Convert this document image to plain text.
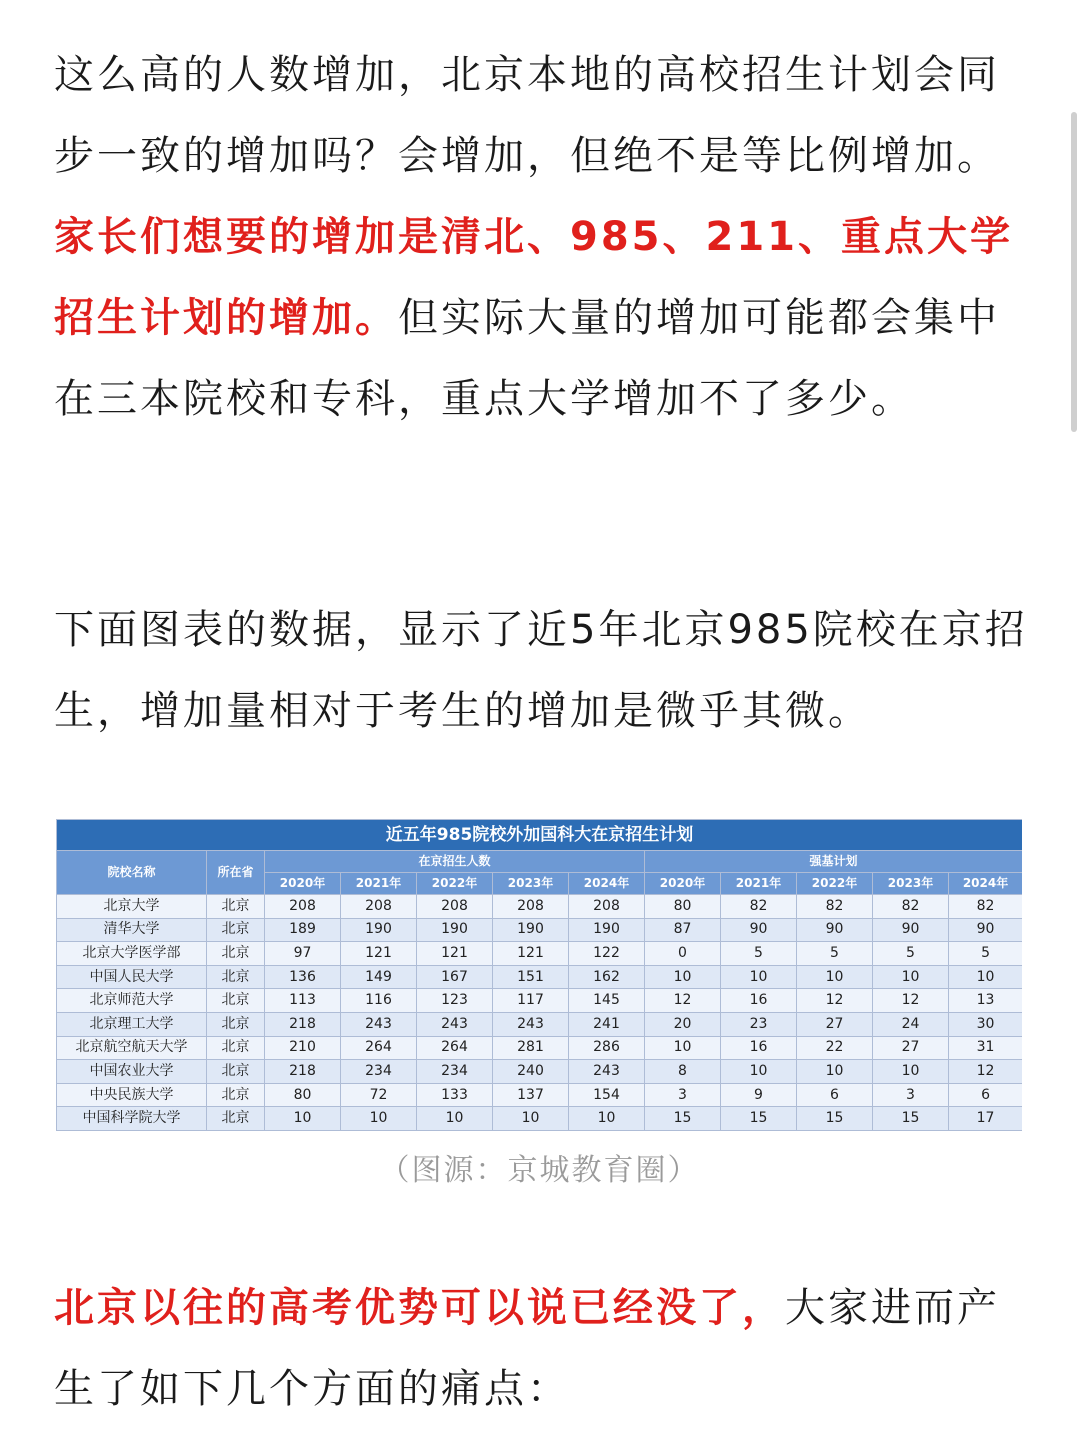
这么高的人数增加，北京本地的高校招生计划会同步一致的增加吗？会增加，但绝不是等比例增加。家长们想要的增加是清北、985、211、重点大学招生计划的增加。但实际大量的增加可能都会集中在三本院校和专科，重点大学增加不了多少。

下面图表的数据，显示了近5年北京985院校在京招生，增加量相对于考生的增加是微乎其微。

近五年985院校外加国科大在京招生计划											
院校名称	所在省	在京招生人数					强基计划				
		2020年	2021年	2022年	2023年	2024年	2020年	2021年	2022年	2023年	2024年
北京大学	北京	208	208	208	208	208	80	82	82	82	82
清华大学	北京	189	190	190	190	190	87	90	90	90	90
北京大学医学部	北京	97	121	121	121	122	0	5	5	5	5
中国人民大学	北京	136	149	167	151	162	10	10	10	10	10
北京师范大学	北京	113	116	123	117	145	12	16	12	12	13
北京理工大学	北京	218	243	243	243	241	20	23	27	24	30
北京航空航天大学	北京	210	264	264	281	286	10	16	22	27	31
中国农业大学	北京	218	234	234	240	243	8	10	10	10	12
中央民族大学	北京	80	72	133	137	154	3	9	6	3	6
中国科学院大学	北京	10	10	10	10	10	15	15	15	15	17
（图源：京城教育圈）

北京以往的高考优势可以说已经没了，大家进而产生了如下几个方面的痛点：
